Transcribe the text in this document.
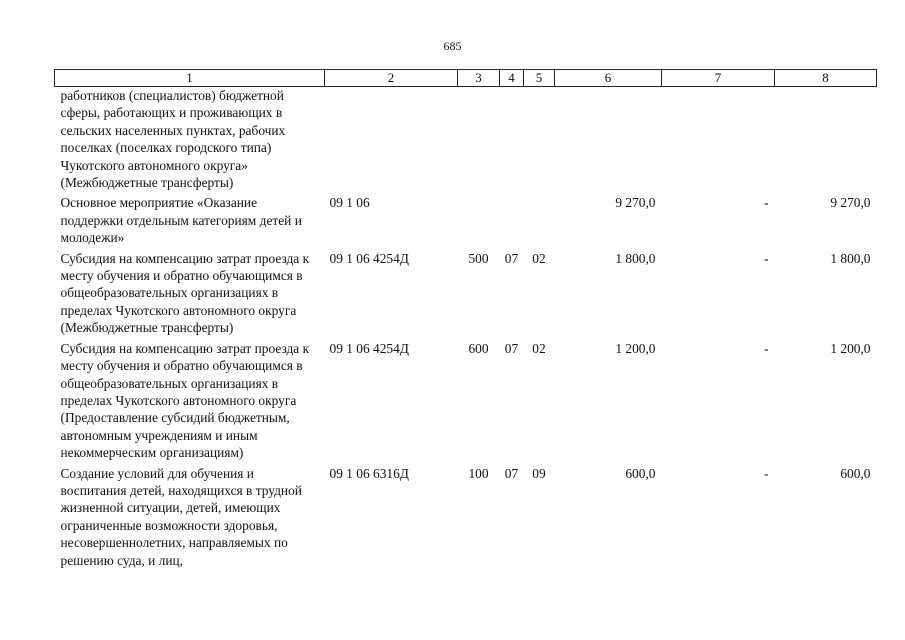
685
1	2	3	4	5	6	7	8
работников (специалистов) бюджетной сферы, работающих и проживающих в сельских населенных пунктах, рабочих поселках (поселках городского типа) Чукотского автономного округа» (Межбюджетные трансферты)							
Основное мероприятие «Оказание поддержки отдельным категориям детей и молодежи»	09 1 06				9 270,0	-	9 270,0
Субсидия на компенсацию затрат проезда к месту обучения и обратно обучающимся в общеобразовательных организациях в пределах Чукотского автономного округа (Межбюджетные трансферты)	09 1 06 4254Д	500	07	02	1 800,0	-	1 800,0
Субсидия на компенсацию затрат проезда к месту обучения и обратно обучающимся в общеобразовательных организациях в пределах Чукотского автономного округа (Предоставление субсидий бюджетным, автономным учреждениям и иным некоммерческим организациям)	09 1 06 4254Д	600	07	02	1 200,0	-	1 200,0
Создание условий для обучения и воспитания детей, находящихся в трудной жизненной ситуации, детей, имеющих ограниченные возможности здоровья, несовершеннолетних, направляемых по решению суда, и лиц,	09 1 06 6316Д	100	07	09	600,0	-	600,0
